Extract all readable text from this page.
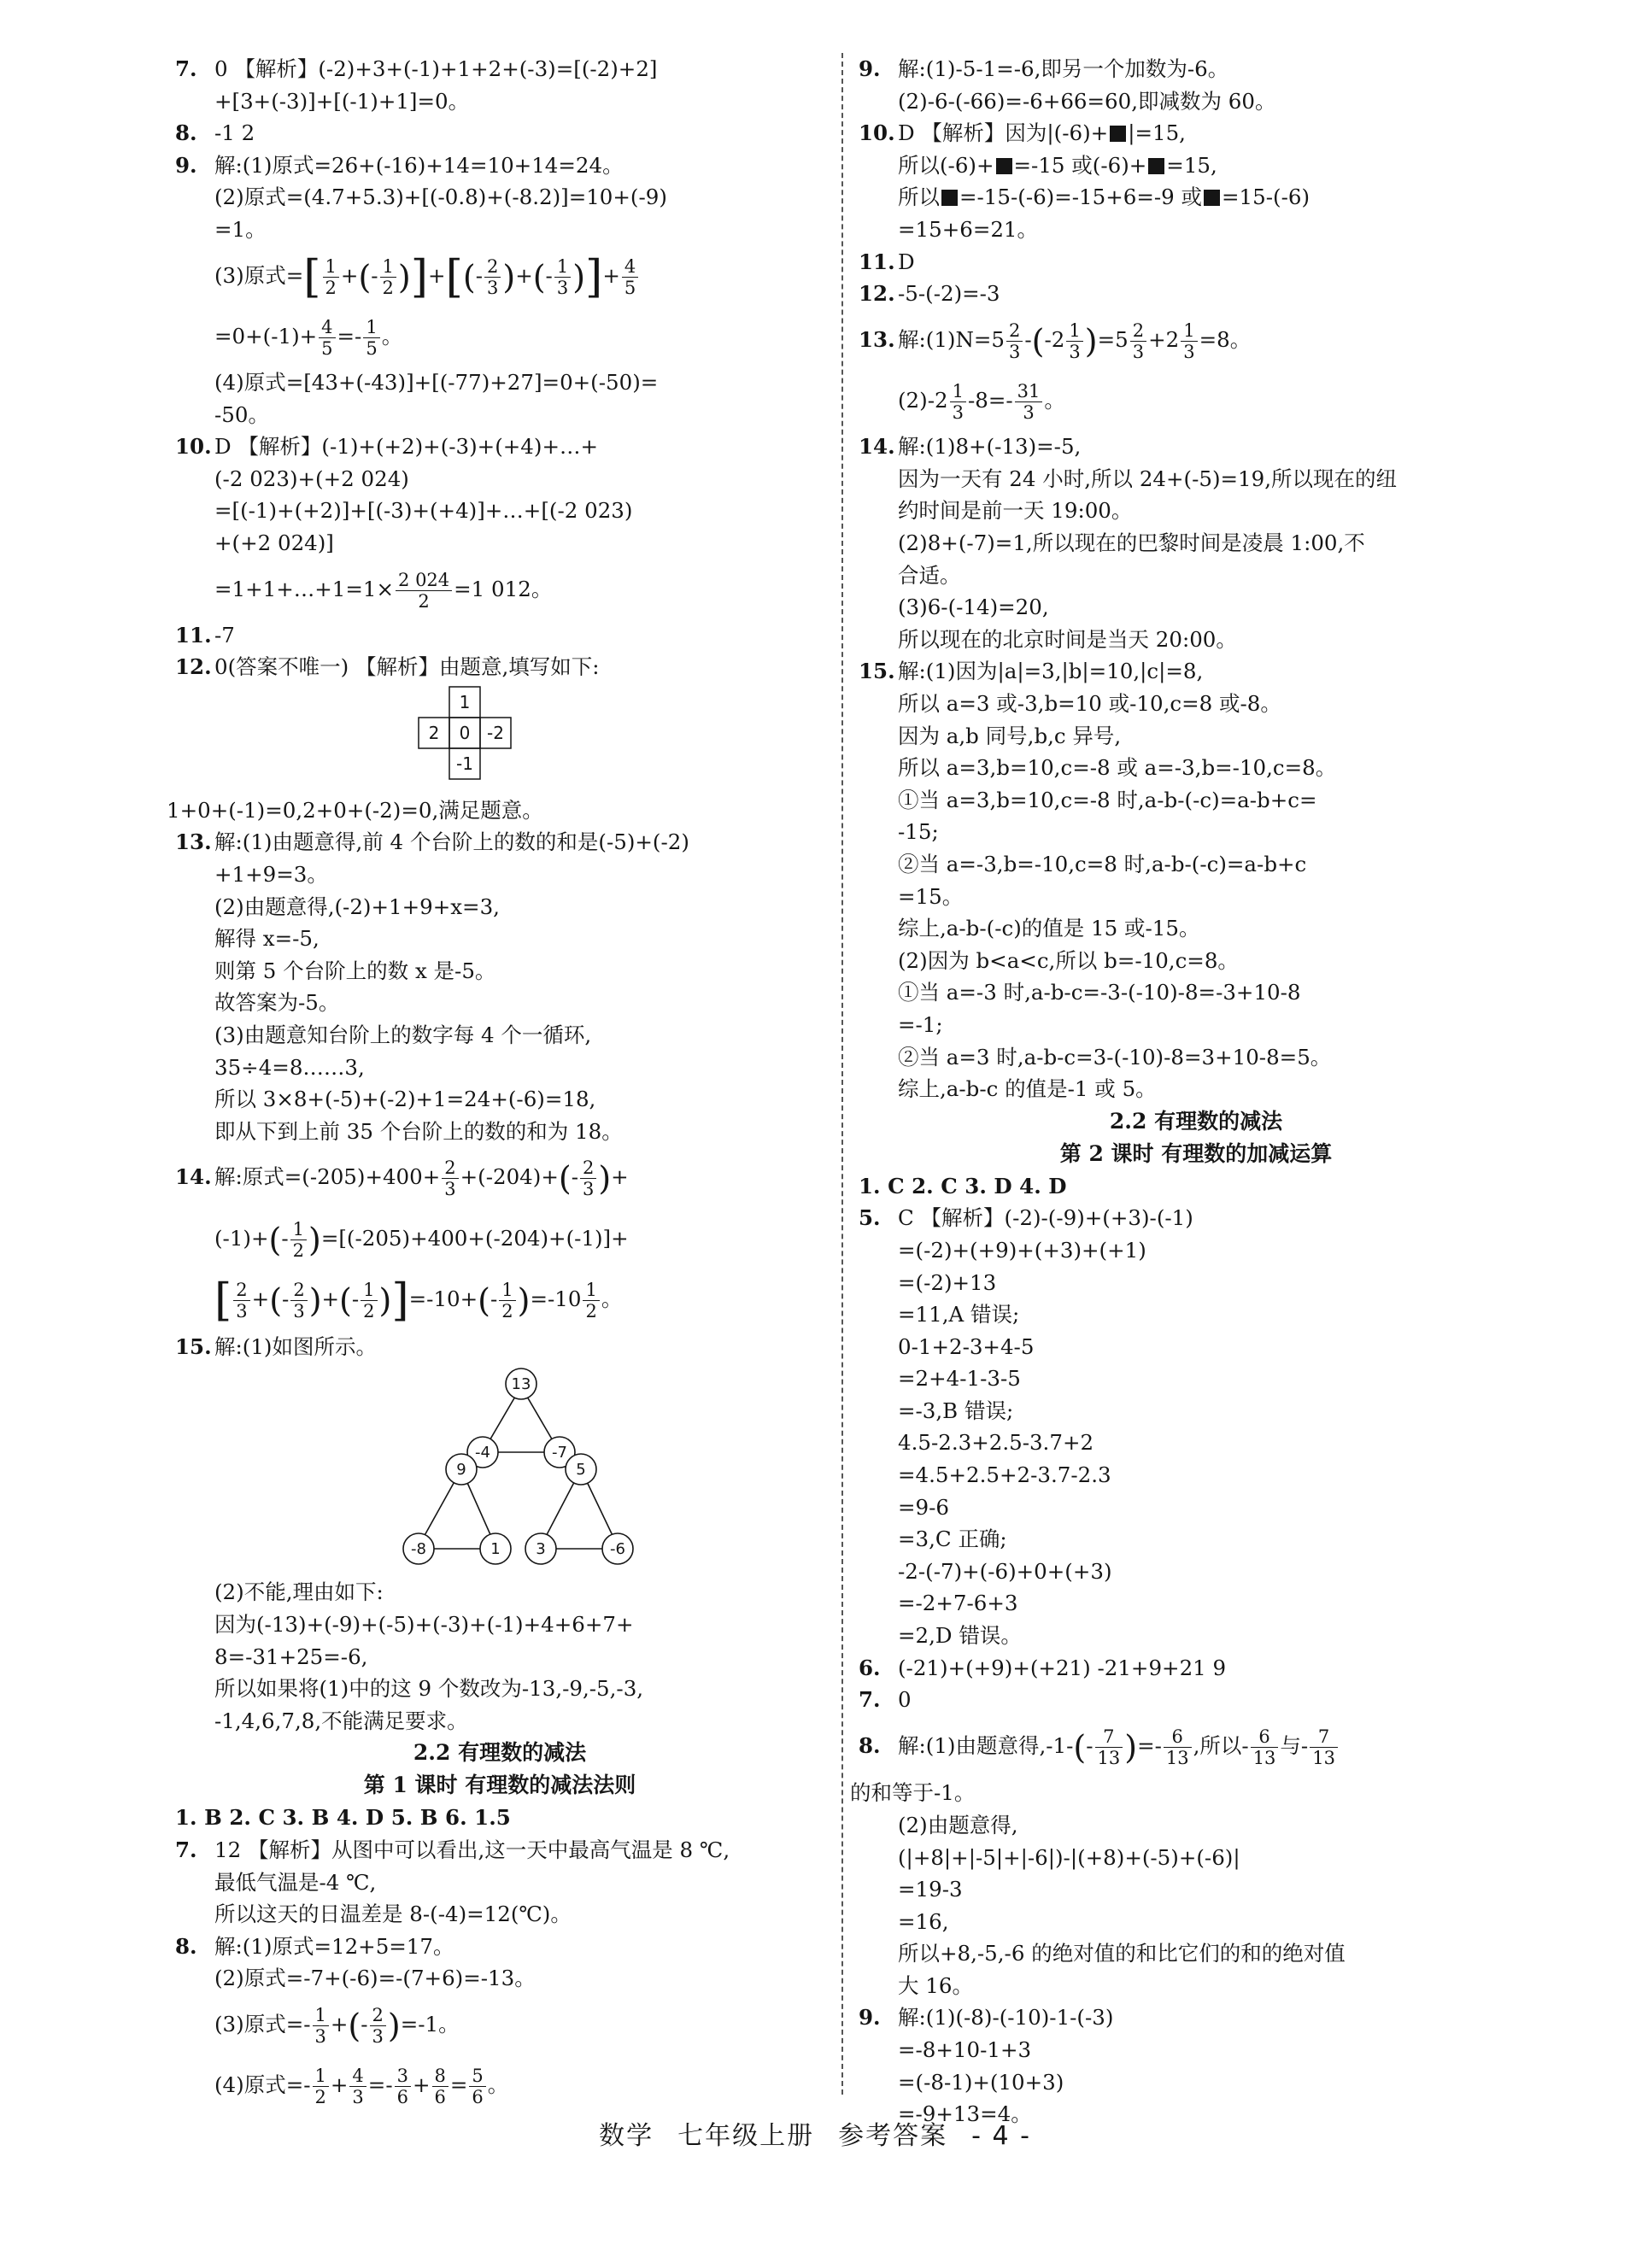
7. 0 【解析】(-2)+3+(-1)+1+2+(-3)=[(-2)+2]
+[3+(-3)]+[(-1)+1]=0。
8. -1 2
9. 解:(1)原式=26+(-16)+14=10+14=24。
(2)原式=(4.7+5.3)+[(-0.8)+(-8.2)]=10+(-9)
=1。
(3)原式=[ $\frac{1}{2}$ +(- $\frac{1}{2}$ )]+[(- $\frac{2}{3}$ )+(- $\frac{1}{3}$ )]+ $\frac{4}{5}$
$=0+(-1)+ \frac{4}{5} =- \frac{1}{5}$ 。
(4)原式=[43+(-43)]+[(-77)+27]=0+(-50)=
-50。
10. D 【解析】(-1)+(+2)+(-3)+(+4)+…+
(-2 023)+(+2 024)
=[(-1)+(+2)]+[(-3)+(+4)]+…+[(-2 023)
+(+2 024)]
=1+1+…+1=1× $\frac{2 024}{2} =1$ 012。
11. -7
12. 0(答案不唯一) 【解析】由题意,填写如下:
1
2 0 -2
-1
1+0+(-1)=0,2+0+(-2)=0,满足题意。
13. 解:(1)由题意得,前 4 个台阶上的数的和是(-5)+(-2)
+1+9=3。
(2)由题意得,(-2)+1+9+x=3,
解得 x=-5,
则第 5 个台阶上的数 x 是-5。
故答案为-5。
(3)由题意知台阶上的数字每 4 个一循环,
35÷4=8……3,
所以 3×8+(-5)+(-2)+1=24+(-6)=18,
即从下到上前 35 个台阶上的数的和为 18。
14. 解:原式$=(-205)+400+ \frac{2}{3} +(-204)+(- \frac{2}{3}$ )+
$(-1)+(- \frac{1}{2} )=[(-205)+400+(-204)+(-1)]+$
[ $\frac{2}{3}$ +(- $\frac{2}{3}$ )+(- $\frac{1}{2} )]=-10+(- \frac{1}{2} )=-10 \frac{1}{2}$ 。
15. 解:(1)如图所示。
13
-4	-7
9	5
-8	1 3	-6
(2)不能,理由如下:
因为(-13)+(-9)+(-5)+(-3)+(-1)+4+6+7+
8=-31+25=-6,
所以如果将(1)中的这 9 个数改为-13,-9,-5,-3,
-1,4,6,7,8,不能满足要求。
2.2 有理数的减法
第 1 课时 有理数的减法法则
1. B 2. C 3. B 4. D 5. B 6. 1.5
7. 12 【解析】从图中可以看出,这一天中最高气温是 8 ℃,
最低气温是-4 ℃,
所以这天的日温差是 8-(-4)=12(℃)。
8. 解:(1)原式=12+5=17。
(2)原式=-7+(-6)=-(7+6)=-13。
(3)原式=- $\frac{1}{3}$ +(- $\frac{2}{3} )=-1$。
(4)原式=- $\frac{1}{2} + \frac{4}{3} =- \frac{3}{6} + \frac{8}{6} = \frac{5}{6}$ 。
9. 解:(1)-5-1=-6,即另一个加数为-6。
(2)-6-(-66)=-6+66=60,即减数为 60。
10. D 【解析】因为|(-6)+ |=15,
所以(-6)+ =-15 或(-6)+ =15,
所以 =-15-(-6)=-15+6=-9 或 =15-(-6)
=15+6=21。
11. D
12. -5-(-2)=-3
13. 解:(1)N=5 $\frac{2}{3} -(-2 \frac{1}{3} )=5 \frac{2}{3} +2 \frac{1}{3} =8$。
$(2)-2 \frac{1}{3} -8=- \frac{31}{3}$ 。
14. 解:(1)8+(-13)=-5,
因为一天有 24 小时,所以 24+(-5)=19,所以现在的纽
约时间是前一天 19:00。
(2)8+(-7)=1,所以现在的巴黎时间是凌晨 1:00,不
合适。
(3)6-(-14)=20,
所以现在的北京时间是当天 20:00。
15. 解:(1)因为|a|=3,|b|=10,|c|=8,
所以 a=3 或-3,b=10 或-10,c=8 或-8。
因为 a,b 同号,b,c 异号,
所以 a=3,b=10,c=-8 或 a=-3,b=-10,c=8。
①当 a=3,b=10,c=-8 时,a-b-(-c)=a-b+c=
-15;
②当 a=-3,b=-10,c=8 时,a-b-(-c)=a-b+c
=15。
综上,a-b-(-c)的值是 15 或-15。
(2)因为 b<a<c,所以 b=-10,c=8。
①当 a=-3 时,a-b-c=-3-(-10)-8=-3+10-8
=-1;
②当 a=3 时,a-b-c=3-(-10)-8=3+10-8=5。
综上,a-b-c 的值是-1 或 5。
2.2 有理数的减法
第 2 课时 有理数的加减运算
1. C 2. C 3. D 4. D
5. C 【解析】(-2)-(-9)+(+3)-(-1)
=(-2)+(+9)+(+3)+(+1)
=(-2)+13
=11,A 错误;
0-1+2-3+4-5
=2+4-1-3-5
=-3,B 错误;
4.5-2.3+2.5-3.7+2
=4.5+2.5+2-3.7-2.3
=9-6
=3,C 正确;
-2-(-7)+(-6)+0+(+3)
=-2+7-6+3
=2,D 错误。
6. (-21)+(+9)+(+21) -21+9+21 9
7. 0
8. 解:(1)由题意得$,-1-(- \frac{7}{13}$ )=- $\frac{6}{13}$ ,所以- $\frac{6}{13}$ 与- $\frac{7}{13}$
的和等于-1。
(2)由题意得,
(|+8|+|-5|+|-6|)-|(+8)+(-5)+(-6)|
=19-3
=16,
所以+8,-5,-6 的绝对值的和比它们的和的绝对值
大 16。
9. 解:(1)(-8)-(-10)-1-(-3)
=-8+10-1+3
=(-8-1)+(10+3)
=-9+13=4。
数学 七年级上册 参考答案 - 4 -
